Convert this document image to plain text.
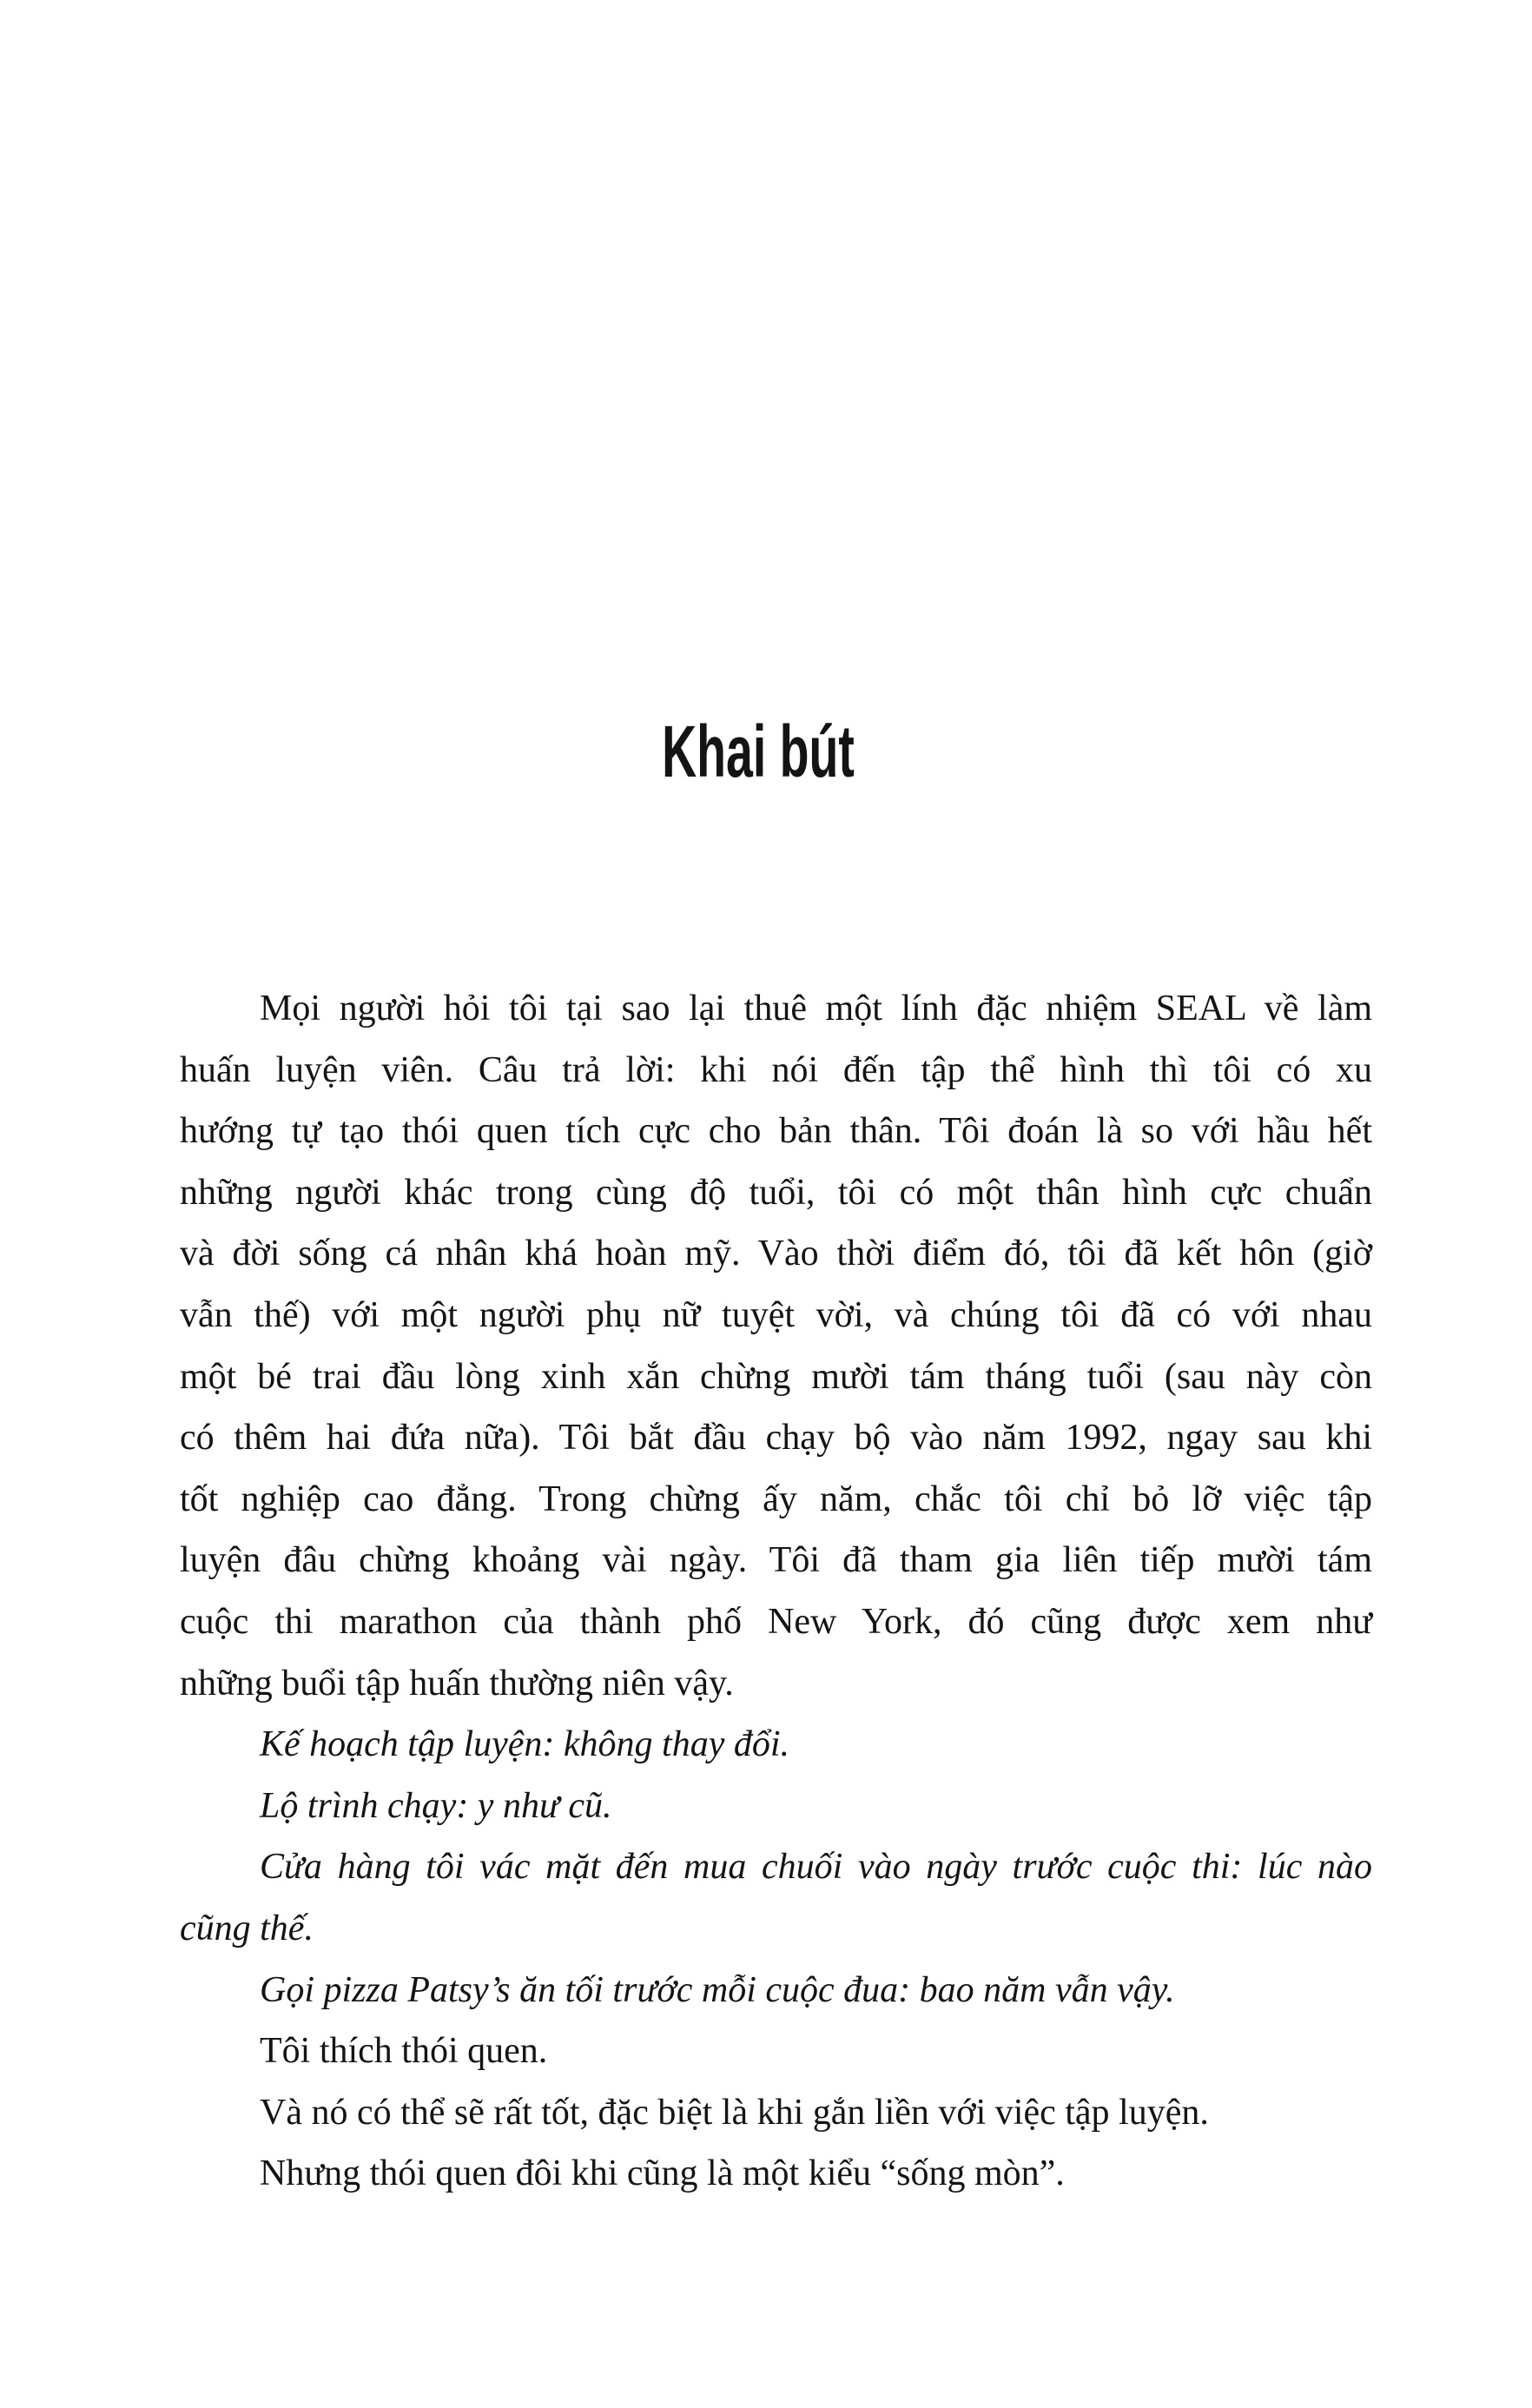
Khai bút
Mọi người hỏi tôi tại sao lại thuê một lính đặc nhiệm SEAL về làm
huấn luyện viên. Câu trả lời: khi nói đến tập thể hình thì tôi có xu
hướng tự tạo thói quen tích cực cho bản thân. Tôi đoán là so với hầu hết
những người khác trong cùng độ tuổi, tôi có một thân hình cực chuẩn
và đời sống cá nhân khá hoàn mỹ. Vào thời điểm đó, tôi đã kết hôn (giờ
vẫn thế) với một người phụ nữ tuyệt vời, và chúng tôi đã có với nhau
một bé trai đầu lòng xinh xắn chừng mười tám tháng tuổi (sau này còn
có thêm hai đứa nữa). Tôi bắt đầu chạy bộ vào năm 1992, ngay sau khi
tốt nghiệp cao đẳng. Trong chừng ấy năm, chắc tôi chỉ bỏ lỡ việc tập
luyện đâu chừng khoảng vài ngày. Tôi đã tham gia liên tiếp mười tám
cuộc thi marathon của thành phố New York, đó cũng được xem như
những buổi tập huấn thường niên vậy.
Kế hoạch tập luyện: không thay đổi.
Lộ trình chạy: y như cũ.
Cửa hàng tôi vác mặt đến mua chuối vào ngày trước cuộc thi: lúc nào
cũng thế.
Gọi pizza Patsy’s ăn tối trước mỗi cuộc đua: bao năm vẫn vậy.
Tôi thích thói quen.
Và nó có thể sẽ rất tốt, đặc biệt là khi gắn liền với việc tập luyện.
Nhưng thói quen đôi khi cũng là một kiểu “sống mòn”.
